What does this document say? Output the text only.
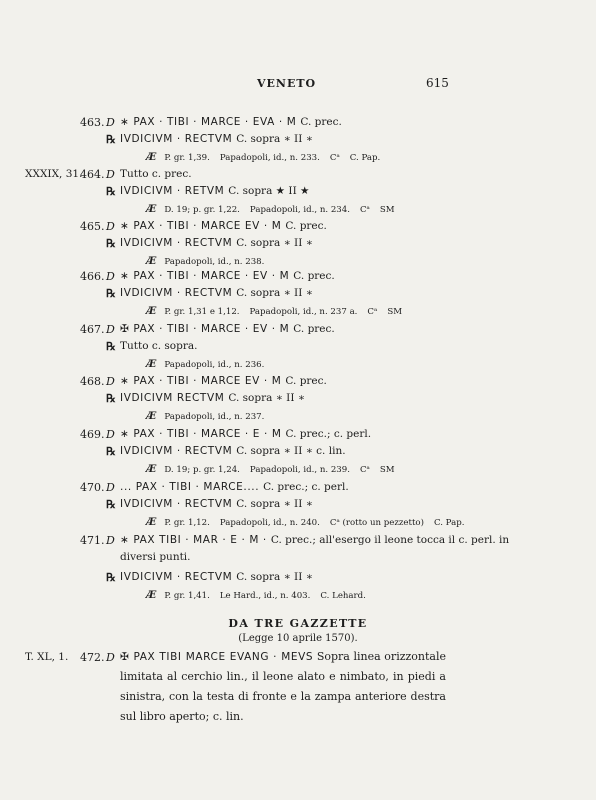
VENETO	615
463. D ∗ PAX · TIBI · MARCE · EVA · M C. prec.
℞ IVDICIVM · RECTVM C. sopra ∗ II ∗
Æ P. gr. 1,39. Papadopoli, id., n. 233. Cᵃ C. Pap.
XXXIX, 31.
464. D Tutto c. prec.
℞ IVDICIVM · RETVM C. sopra ★ II ★
Æ D. 19; p. gr. 1,22. Papadopoli, id., n. 234. Cᵃ SM
465. D ∗ PAX · TIBI · MARCE EV · M C. prec.
℞ IVDICIVM · RECTVM C. sopra ∗ II ∗
Æ Papadopoli, id., n. 238.
466. D ∗ PAX · TIBI · MARCE · EV · M C. prec.
℞ IVDICIVM · RECTVM C. sopra ∗ II ∗
Æ P. gr. 1,31 e 1,12. Papadopoli, id., n. 237 a. Cᵃ SM
467. D ✠ PAX · TIBI · MARCE · EV · M C. prec.
℞ Tutto c. sopra.
Æ Papadopoli, id., n. 236.
468. D ∗ PAX · TIBI · MARCE EV · M C. prec.
℞ IVDICIVM RECTVM C. sopra ∗ II ∗
Æ Papadopoli, id., n. 237.
469. D ∗ PAX · TIBI · MARCE · E · M C. prec.; c. perl.
℞ IVDICIVM · RECTVM C. sopra ∗ II ∗ c. lin.
Æ D. 19; p. gr. 1,24. Papadopoli, id., n. 239. Cᵃ SM
470. D ... PAX · TIBI · MARCE.... C. prec.; c. perl.
℞ IVDICIVM · RECTVM C. sopra ∗ II ∗
Æ P. gr. 1,12. Papadopoli, id., n. 240. Cᵃ (rotto un pezzetto) C. Pap.
471. D ∗ PAX TIBI · MAR · E · M · C. prec.; all'esergo il leone tocca il c. perl. in
diversi punti.
℞ IVDICIVM · RECTVM C. sopra ∗ II ∗
Æ P. gr. 1,41. Le Hard., id., n. 403. C. Lehard.
DA TRE GAZZETTE
(Legge 10 aprile 1570).
T. XL, 1. 472. D ✠ PAX TIBI MARCE EVANG · MEVS Sopra linea orizzontale limitata al cerchio lin., il leone alato e nimbato, in piedi a sinistra, con la testa di fronte e la zampa anteriore destra sul libro aperto; c. lin.
